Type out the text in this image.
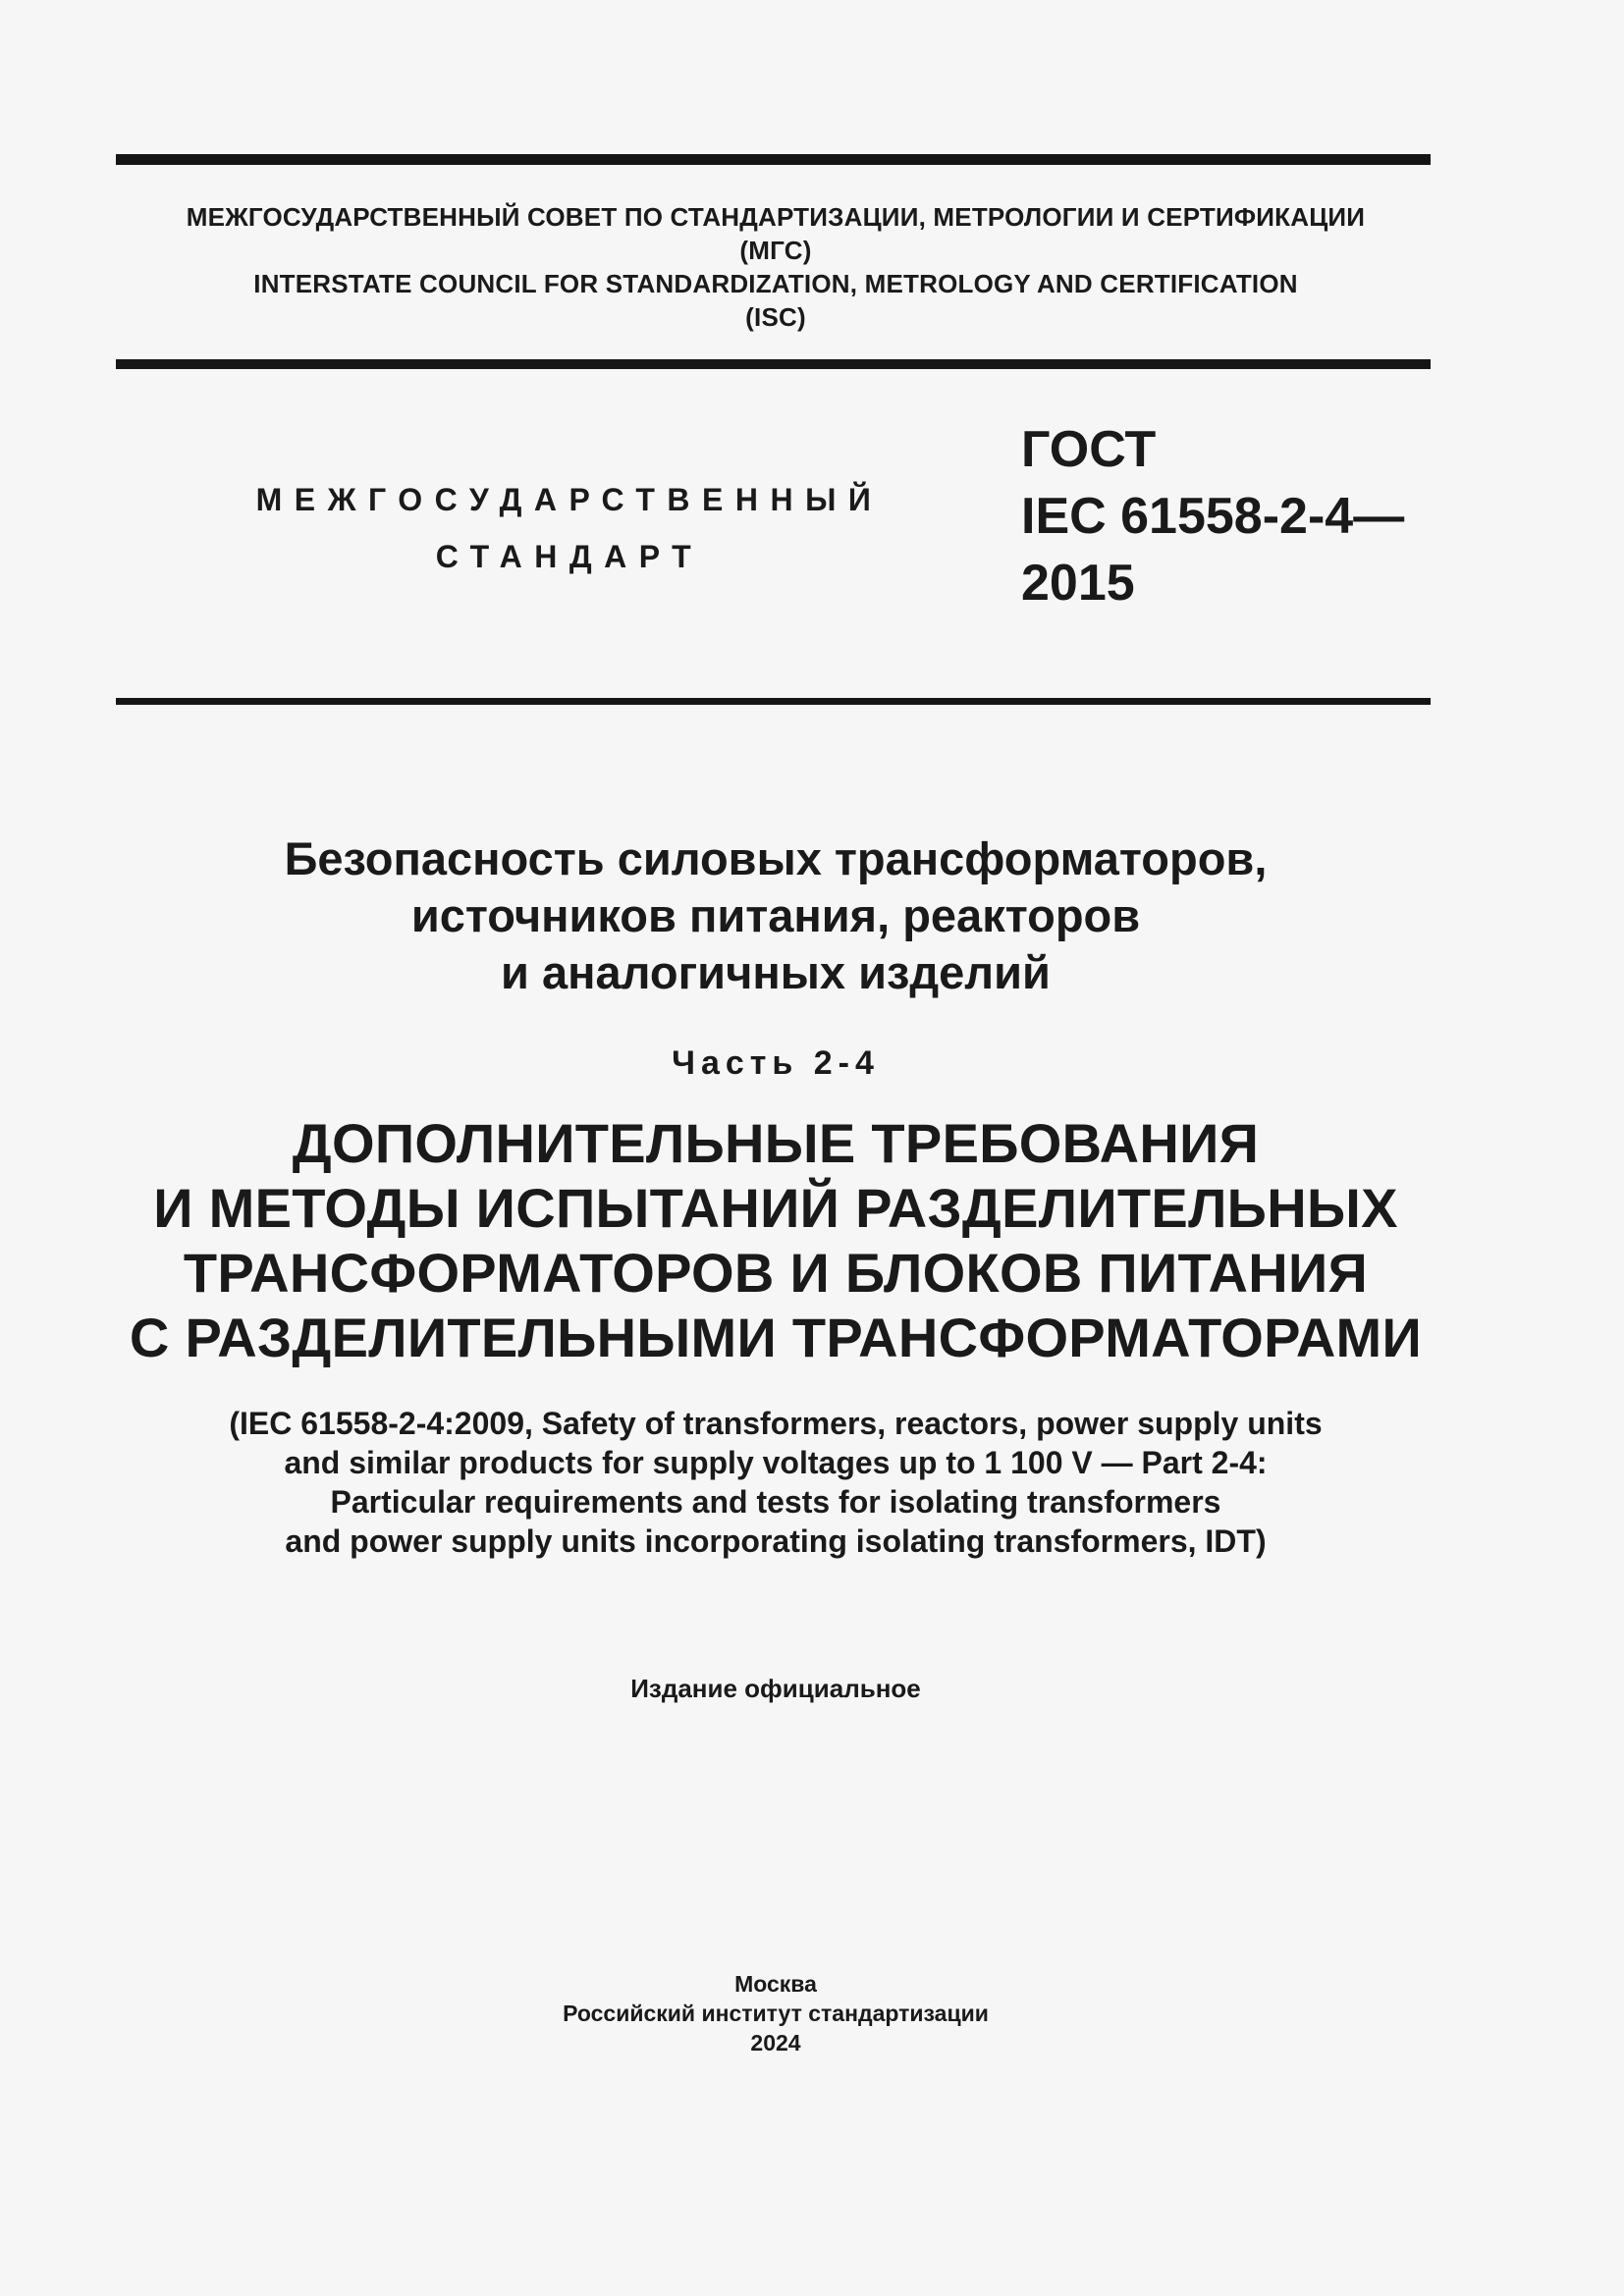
МЕЖГОСУДАРСТВЕННЫЙ СОВЕТ ПО СТАНДАРТИЗАЦИИ, МЕТРОЛОГИИ И СЕРТИФИКАЦИИ
(МГС)
INTERSTATE COUNCIL FOR STANDARDIZATION, METROLOGY AND CERTIFICATION
(ISC)
МЕЖГОСУДАРСТВЕННЫЙ
СТАНДАРТ
ГОСТ
IEC 61558-2-4—
2015
Безопасность силовых трансформаторов,
источников питания, реакторов
и аналогичных изделий
Часть 2-4
ДОПОЛНИТЕЛЬНЫЕ ТРЕБОВАНИЯ
И МЕТОДЫ ИСПЫТАНИЙ РАЗДЕЛИТЕЛЬНЫХ
ТРАНСФОРМАТОРОВ И БЛОКОВ ПИТАНИЯ
С РАЗДЕЛИТЕЛЬНЫМИ ТРАНСФОРМАТОРАМИ
(IEC 61558-2-4:2009, Safety of transformers, reactors, power supply units
and similar products for supply voltages up to 1 100 V — Part 2-4:
Particular requirements and tests for isolating transformers
and power supply units incorporating isolating transformers, IDT)
Издание официальное
Москва
Российский институт стандартизации
2024
